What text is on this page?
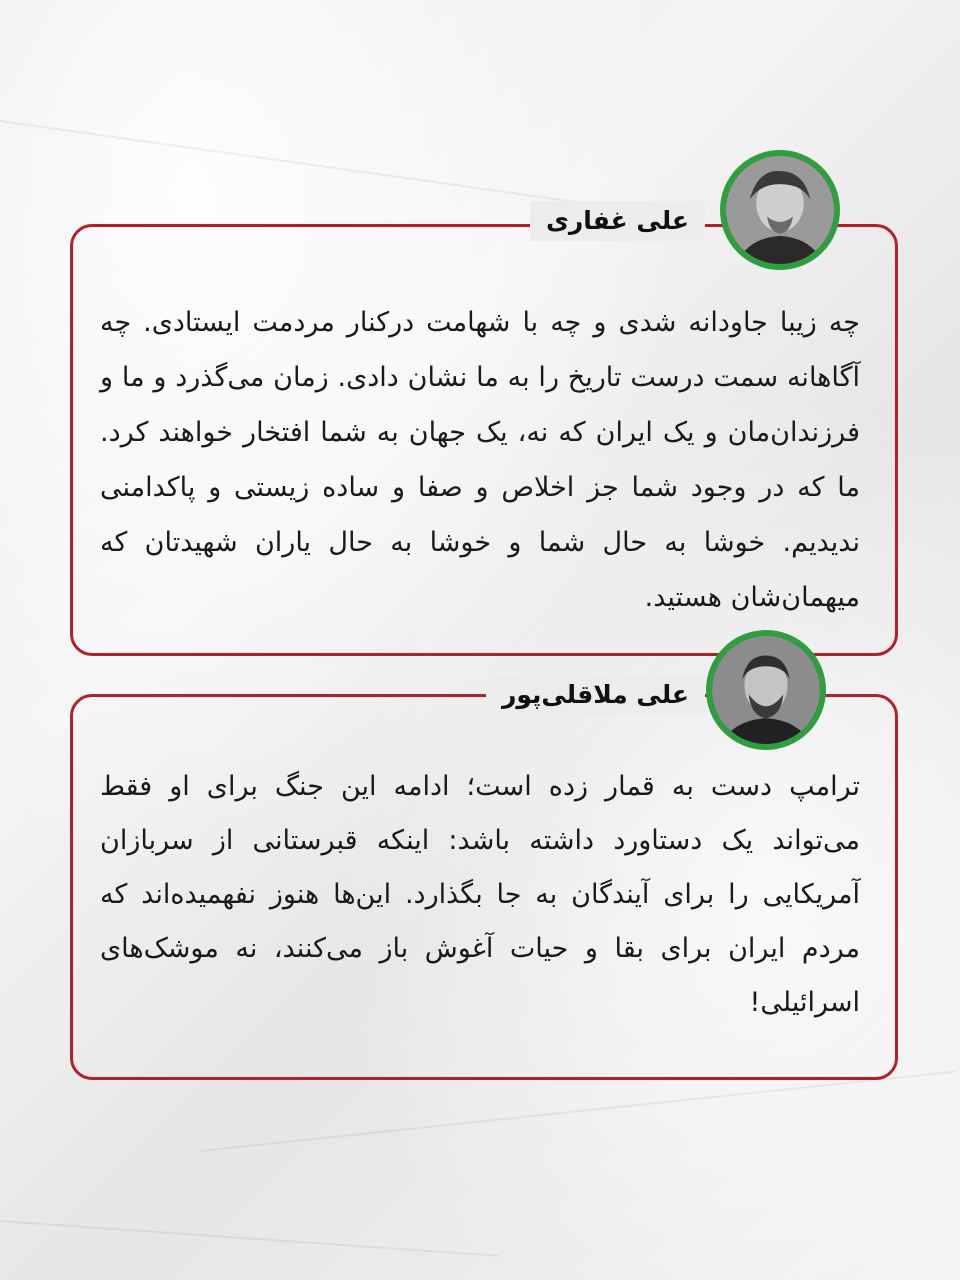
علی غفاری
چه زیبا جاودانه شدی و چه با شهامت درکنار مردمت ایستادی. چه آگاهانه سمت درست تاریخ را به ما نشان دادی. زمان می‌گذرد و ما و فرزندان‌مان و یک ایران که نه، یک جهان به شما افتخار خواهند کرد. ما که در وجود شما جز اخلاص و صفا و ساده زیستی و پاکدامنی ندیدیم. خوشا به حال شما و خوشا به حال یاران شهیدتان که میهمان‌شان هستید.
علی ملاقلی‌پور
ترامپ دست به قمار زده است؛ ادامه این جنگ برای او فقط می‌تواند یک دستاورد داشته باشد: اینکه قبرستانی از سربازان آمریکایی را برای آیندگان به جا بگذارد. این‌ها هنوز نفهمیده‌اند که مردم ایران برای بقا و حیات آغوش باز می‌کنند، نه موشک‌های اسرائیلی!
